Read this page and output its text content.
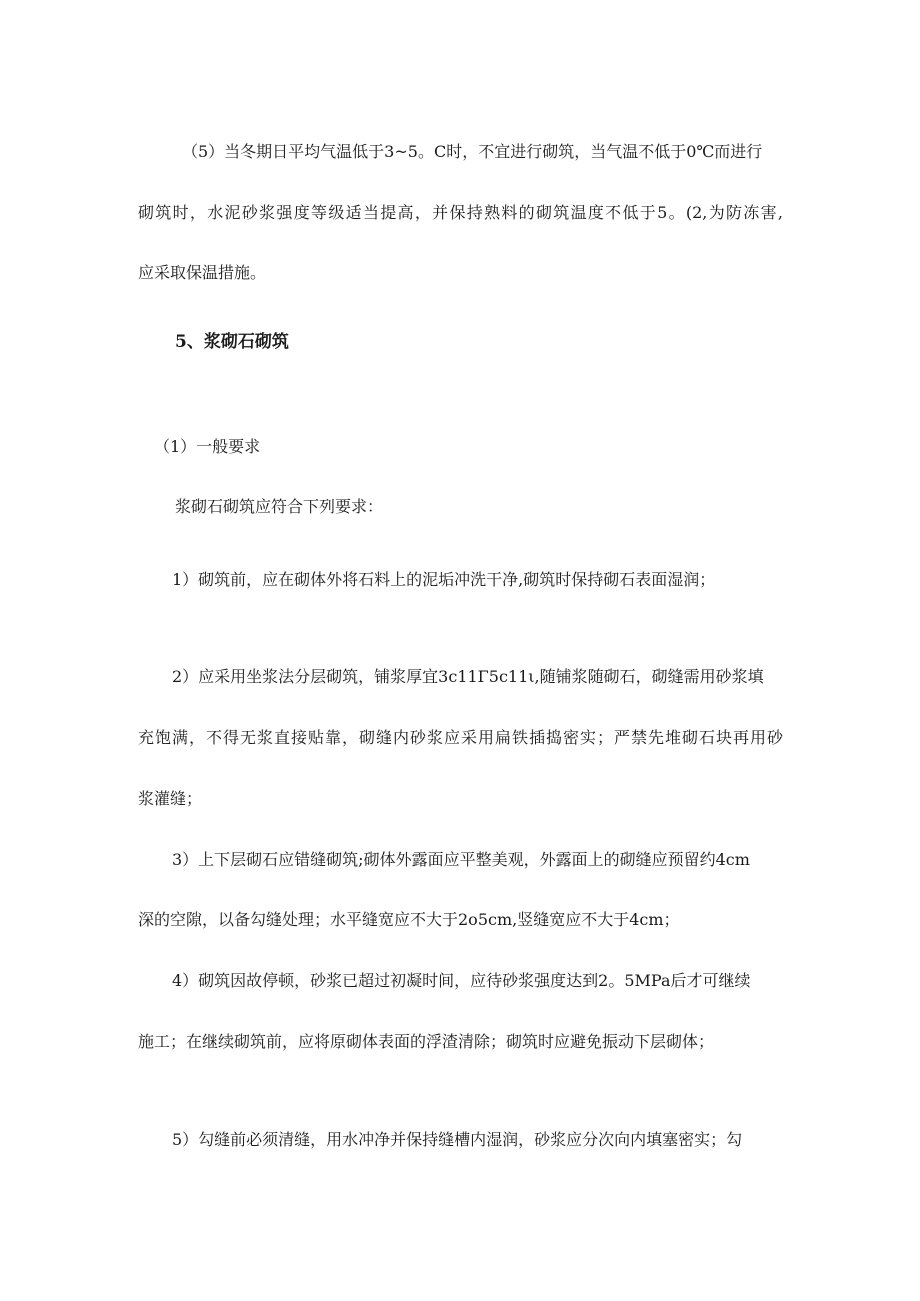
（5）当冬期日平均气温低于3~5。C时，不宜进行砌筑，当气温不低于0℃而进行
砌筑时，水泥砂浆强度等级适当提高，并保持熟料的砌筑温度不低于5。(2,为防冻害,
应采取保温措施。
5、浆砌石砌筑
（1）一般要求
浆砌石砌筑应符合下列要求：
1）砌筑前，应在砌体外将石料上的泥垢冲洗干净,砌筑时保持砌石表面湿润；
2）应采用坐浆法分层砌筑，铺浆厚宜3c11Γ5c11ι,随铺浆随砌石，砌缝需用砂浆填
充饱满，不得无浆直接贴靠，砌缝内砂浆应采用扁铁插捣密实；严禁先堆砌石块再用砂
浆灌缝；
3）上下层砌石应错缝砌筑;砌体外露面应平整美观，外露面上的砌缝应预留约4cm
深的空隙，以备勾缝处理；水平缝宽应不大于2o5cm,竖缝宽应不大于4cm；
4）砌筑因故停顿，砂浆已超过初凝时间，应待砂浆强度达到2。5MPa后才可继续
施工；在继续砌筑前，应将原砌体表面的浮渣清除；砌筑时应避免振动下层砌体；
5）勾缝前必须清缝，用水冲净并保持缝槽内湿润，砂浆应分次向内填塞密实；勾
